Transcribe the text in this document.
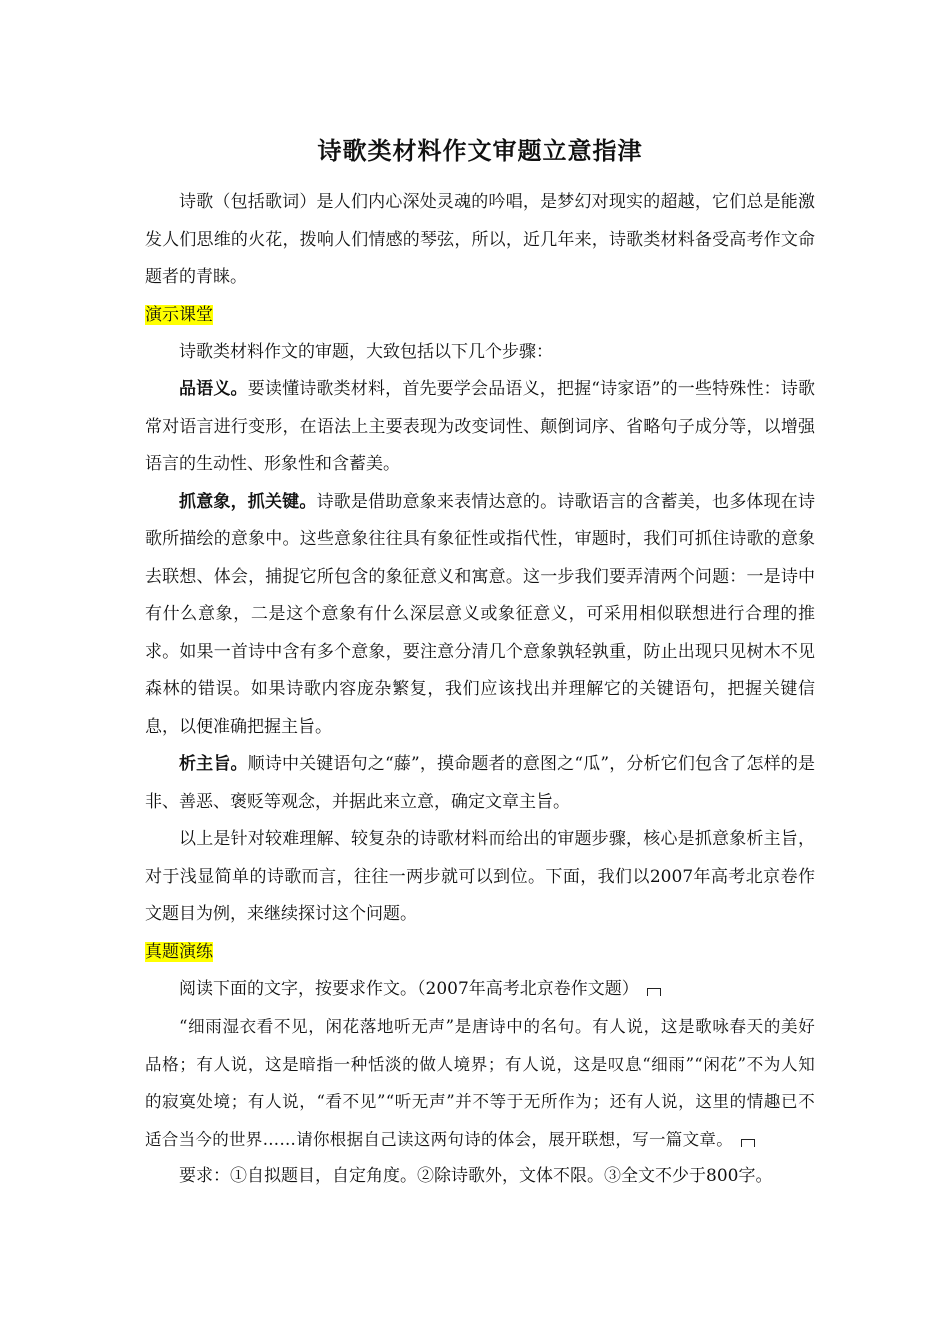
诗歌类材料作文审题立意指津

诗歌（包括歌词）是人们内心深处灵魂的吟唱，是梦幻对现实的超越，它们总是能激发人们思维的火花，拨响人们情感的琴弦，所以，近几年来，诗歌类材料备受高考作文命题者的青睐。

演示课堂

诗歌类材料作文的审题，大致包括以下几个步骤：

品语义。要读懂诗歌类材料，首先要学会品语义，把握“诗家语”的一些特殊性：诗歌常对语言进行变形，在语法上主要表现为改变词性、颠倒词序、省略句子成分等，以增强语言的生动性、形象性和含蓄美。

抓意象，抓关键。诗歌是借助意象来表情达意的。诗歌语言的含蓄美，也多体现在诗歌所描绘的意象中。这些意象往往具有象征性或指代性，审题时，我们可抓住诗歌的意象去联想、体会，捕捉它所包含的象征意义和寓意。这一步我们要弄清两个问题：一是诗中有什么意象，二是这个意象有什么深层意义或象征意义，可采用相似联想进行合理的推求。如果一首诗中含有多个意象，要注意分清几个意象孰轻孰重，防止出现只见树木不见森林的错误。如果诗歌内容庞杂繁复，我们应该找出并理解它的关键语句，把握关键信息，以便准确把握主旨。

析主旨。顺诗中关键语句之“藤”，摸命题者的意图之“瓜”，分析它们包含了怎样的是非、善恶、褒贬等观念，并据此来立意，确定文章主旨。

以上是针对较难理解、较复杂的诗歌材料而给出的审题步骤，核心是抓意象析主旨，对于浅显简单的诗歌而言，往往一两步就可以到位。下面，我们以2007年高考北京卷作文题目为例，来继续探讨这个问题。

真题演练

阅读下面的文字，按要求作文。（2007年高考北京卷作文题）

“细雨湿衣看不见，闲花落地听无声”是唐诗中的名句。有人说，这是歌咏春天的美好品格；有人说，这是暗指一种恬淡的做人境界；有人说，这是叹息“细雨”“闲花”不为人知的寂寞处境；有人说，“看不见”“听无声”并不等于无所作为；还有人说，这里的情趣已不适合当今的世界……请你根据自己读这两句诗的体会，展开联想，写一篇文章。

要求：①自拟题目，自定角度。②除诗歌外，文体不限。③全文不少于800字。
